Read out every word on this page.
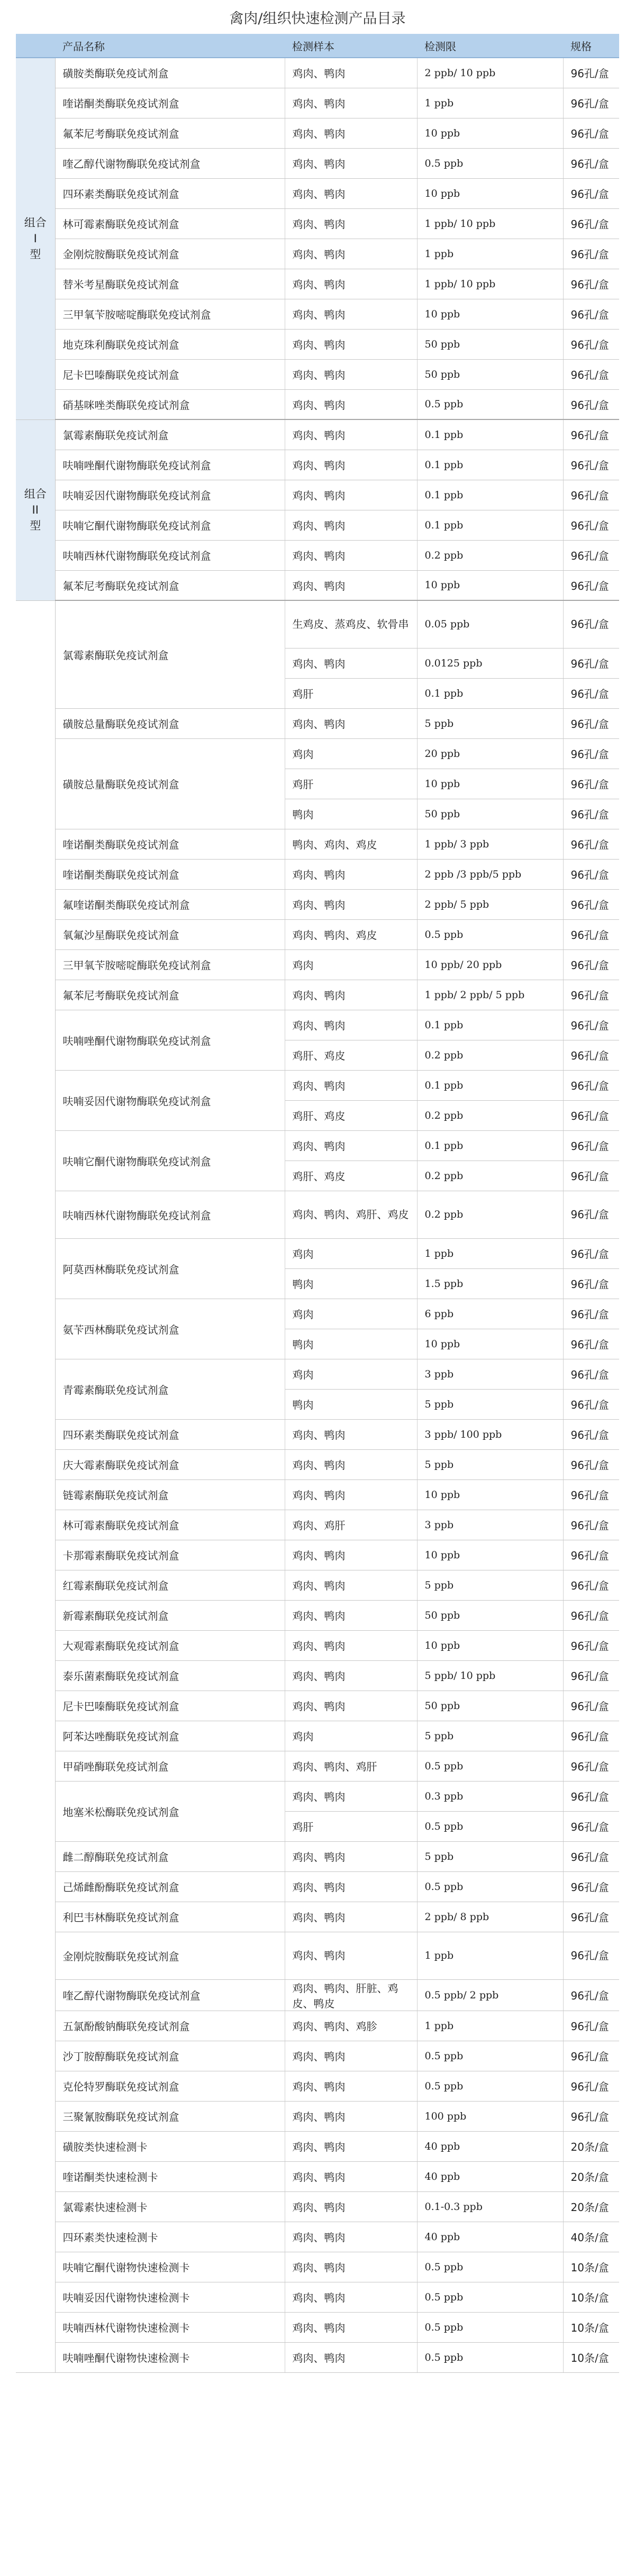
禽肉/组织快速检测产品目录
	产品名称	检测样本	检测限	规格
组合
I
型	磺胺类酶联免疫试剂盒	鸡肉、鸭肉	2 ppb/ 10 ppb	96孔/盒
	喹诺酮类酶联免疫试剂盒	鸡肉、鸭肉	1 ppb	96孔/盒
	氟苯尼考酶联免疫试剂盒	鸡肉、鸭肉	10 ppb	96孔/盒
	喹乙醇代谢物酶联免疫试剂盒	鸡肉、鸭肉	0.5 ppb	96孔/盒
	四环素类酶联免疫试剂盒	鸡肉、鸭肉	10 ppb	96孔/盒
	林可霉素酶联免疫试剂盒	鸡肉、鸭肉	1 ppb/ 10 ppb	96孔/盒
	金刚烷胺酶联免疫试剂盒	鸡肉、鸭肉	1 ppb	96孔/盒
	替米考星酶联免疫试剂盒	鸡肉、鸭肉	1 ppb/ 10 ppb	96孔/盒
	三甲氧苄胺嘧啶酶联免疫试剂盒	鸡肉、鸭肉	10 ppb	96孔/盒
	地克珠利酶联免疫试剂盒	鸡肉、鸭肉	50 ppb	96孔/盒
	尼卡巴嗪酶联免疫试剂盒	鸡肉、鸭肉	50 ppb	96孔/盒
	硝基咪唑类酶联免疫试剂盒	鸡肉、鸭肉	0.5 ppb	96孔/盒
组合
II
型	氯霉素酶联免疫试剂盒	鸡肉、鸭肉	0.1 ppb	96孔/盒
	呋喃唑酮代谢物酶联免疫试剂盒	鸡肉、鸭肉	0.1 ppb	96孔/盒
	呋喃妥因代谢物酶联免疫试剂盒	鸡肉、鸭肉	0.1 ppb	96孔/盒
	呋喃它酮代谢物酶联免疫试剂盒	鸡肉、鸭肉	0.1 ppb	96孔/盒
	呋喃西林代谢物酶联免疫试剂盒	鸡肉、鸭肉	0.2 ppb	96孔/盒
	氟苯尼考酶联免疫试剂盒	鸡肉、鸭肉	10 ppb	96孔/盒
	氯霉素酶联免疫试剂盒	生鸡皮、蒸鸡皮、软骨串	0.05 ppb	96孔/盒
		鸡肉、鸭肉	0.0125 ppb	96孔/盒
		鸡肝	0.1 ppb	96孔/盒
	磺胺总量酶联免疫试剂盒	鸡肉、鸭肉	5 ppb	96孔/盒
	磺胺总量酶联免疫试剂盒	鸡肉	20 ppb	96孔/盒
		鸡肝	10 ppb	96孔/盒
		鸭肉	50 ppb	96孔/盒
	喹诺酮类酶联免疫试剂盒	鸭肉、鸡肉、鸡皮	1 ppb/ 3 ppb	96孔/盒
	喹诺酮类酶联免疫试剂盒	鸡肉、鸭肉	2 ppb /3 ppb/5 ppb	96孔/盒
	氟喹诺酮类酶联免疫试剂盒	鸡肉、鸭肉	2 ppb/ 5 ppb	96孔/盒
	氧氟沙星酶联免疫试剂盒	鸡肉、鸭肉、鸡皮	0.5 ppb	96孔/盒
	三甲氧苄胺嘧啶酶联免疫试剂盒	鸡肉	10 ppb/ 20 ppb	96孔/盒
	氟苯尼考酶联免疫试剂盒	鸡肉、鸭肉	1 ppb/ 2 ppb/ 5 ppb	96孔/盒
	呋喃唑酮代谢物酶联免疫试剂盒	鸡肉、鸭肉	0.1 ppb	96孔/盒
		鸡肝、鸡皮	0.2 ppb	96孔/盒
	呋喃妥因代谢物酶联免疫试剂盒	鸡肉、鸭肉	0.1 ppb	96孔/盒
		鸡肝、鸡皮	0.2 ppb	96孔/盒
	呋喃它酮代谢物酶联免疫试剂盒	鸡肉、鸭肉	0.1 ppb	96孔/盒
		鸡肝、鸡皮	0.2 ppb	96孔/盒
	呋喃西林代谢物酶联免疫试剂盒	鸡肉、鸭肉、鸡肝、鸡皮	0.2 ppb	96孔/盒
	阿莫西林酶联免疫试剂盒	鸡肉	1 ppb	96孔/盒
		鸭肉	1.5 ppb	96孔/盒
	氨苄西林酶联免疫试剂盒	鸡肉	6 ppb	96孔/盒
		鸭肉	10 ppb	96孔/盒
	青霉素酶联免疫试剂盒	鸡肉	3 ppb	96孔/盒
		鸭肉	5 ppb	96孔/盒
	四环素类酶联免疫试剂盒	鸡肉、鸭肉	3 ppb/ 100 ppb	96孔/盒
	庆大霉素酶联免疫试剂盒	鸡肉、鸭肉	5 ppb	96孔/盒
	链霉素酶联免疫试剂盒	鸡肉、鸭肉	10 ppb	96孔/盒
	林可霉素酶联免疫试剂盒	鸡肉、鸡肝	3 ppb	96孔/盒
	卡那霉素酶联免疫试剂盒	鸡肉、鸭肉	10 ppb	96孔/盒
	红霉素酶联免疫试剂盒	鸡肉、鸭肉	5 ppb	96孔/盒
	新霉素酶联免疫试剂盒	鸡肉、鸭肉	50 ppb	96孔/盒
	大观霉素酶联免疫试剂盒	鸡肉、鸭肉	10 ppb	96孔/盒
	泰乐菌素酶联免疫试剂盒	鸡肉、鸭肉	5 ppb/ 10 ppb	96孔/盒
	尼卡巴嗪酶联免疫试剂盒	鸡肉、鸭肉	50 ppb	96孔/盒
	阿苯达唑酶联免疫试剂盒	鸡肉	5 ppb	96孔/盒
	甲硝唑酶联免疫试剂盒	鸡肉、鸭肉、鸡肝	0.5 ppb	96孔/盒
	地塞米松酶联免疫试剂盒	鸡肉、鸭肉	0.3 ppb	96孔/盒
		鸡肝	0.5 ppb	96孔/盒
	雌二醇酶联免疫试剂盒	鸡肉、鸭肉	5 ppb	96孔/盒
	己烯雌酚酶联免疫试剂盒	鸡肉、鸭肉	0.5 ppb	96孔/盒
	利巴韦林酶联免疫试剂盒	鸡肉、鸭肉	2 ppb/ 8 ppb	96孔/盒
	金刚烷胺酶联免疫试剂盒	鸡肉、鸭肉	1 ppb	96孔/盒
	喹乙醇代谢物酶联免疫试剂盒	鸡肉、鸭肉、肝脏、鸡皮、鸭皮	0.5 ppb/ 2 ppb	96孔/盒
	五氯酚酸钠酶联免疫试剂盒	鸡肉、鸭肉、鸡胗	1 ppb	96孔/盒
	沙丁胺醇酶联免疫试剂盒	鸡肉、鸭肉	0.5 ppb	96孔/盒
	克伦特罗酶联免疫试剂盒	鸡肉、鸭肉	0.5 ppb	96孔/盒
	三聚氰胺酶联免疫试剂盒	鸡肉、鸭肉	100 ppb	96孔/盒
	磺胺类快速检测卡	鸡肉、鸭肉	40 ppb	20条/盒
	喹诺酮类快速检测卡	鸡肉、鸭肉	40 ppb	20条/盒
	氯霉素快速检测卡	鸡肉、鸭肉	0.1-0.3 ppb	20条/盒
	四环素类快速检测卡	鸡肉、鸭肉	40 ppb	40条/盒
	呋喃它酮代谢物快速检测卡	鸡肉、鸭肉	0.5 ppb	10条/盒
	呋喃妥因代谢物快速检测卡	鸡肉、鸭肉	0.5 ppb	10条/盒
	呋喃西林代谢物快速检测卡	鸡肉、鸭肉	0.5 ppb	10条/盒
	呋喃唑酮代谢物快速检测卡	鸡肉、鸭肉	0.5 ppb	10条/盒
